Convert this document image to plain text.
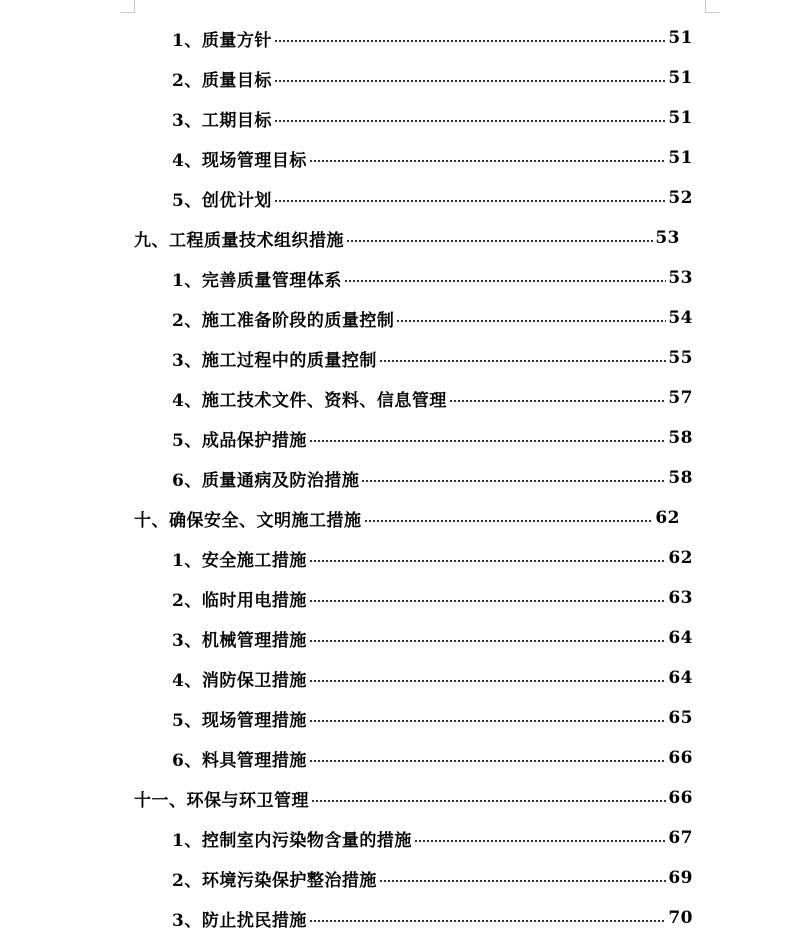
1、质量方针	51
2、质量目标	51
3、工期目标	51
4、现场管理目标	51
5、创优计划	52
九、工程质量技术组织措施	53
1、完善质量管理体系	53
2、施工准备阶段的质量控制	54
3、施工过程中的质量控制	55
4、施工技术文件、资料、信息管理	57
5、成品保护措施	58
6、质量通病及防治措施	58
十、确保安全、文明施工措施	62
1、安全施工措施	62
2、临时用电措施	63
3、机械管理措施	64
4、消防保卫措施	64
5、现场管理措施	65
6、料具管理措施	66
十一、环保与环卫管理	66
1、控制室内污染物含量的措施	67
2、环境污染保护整治措施	69
3、防止扰民措施	70
